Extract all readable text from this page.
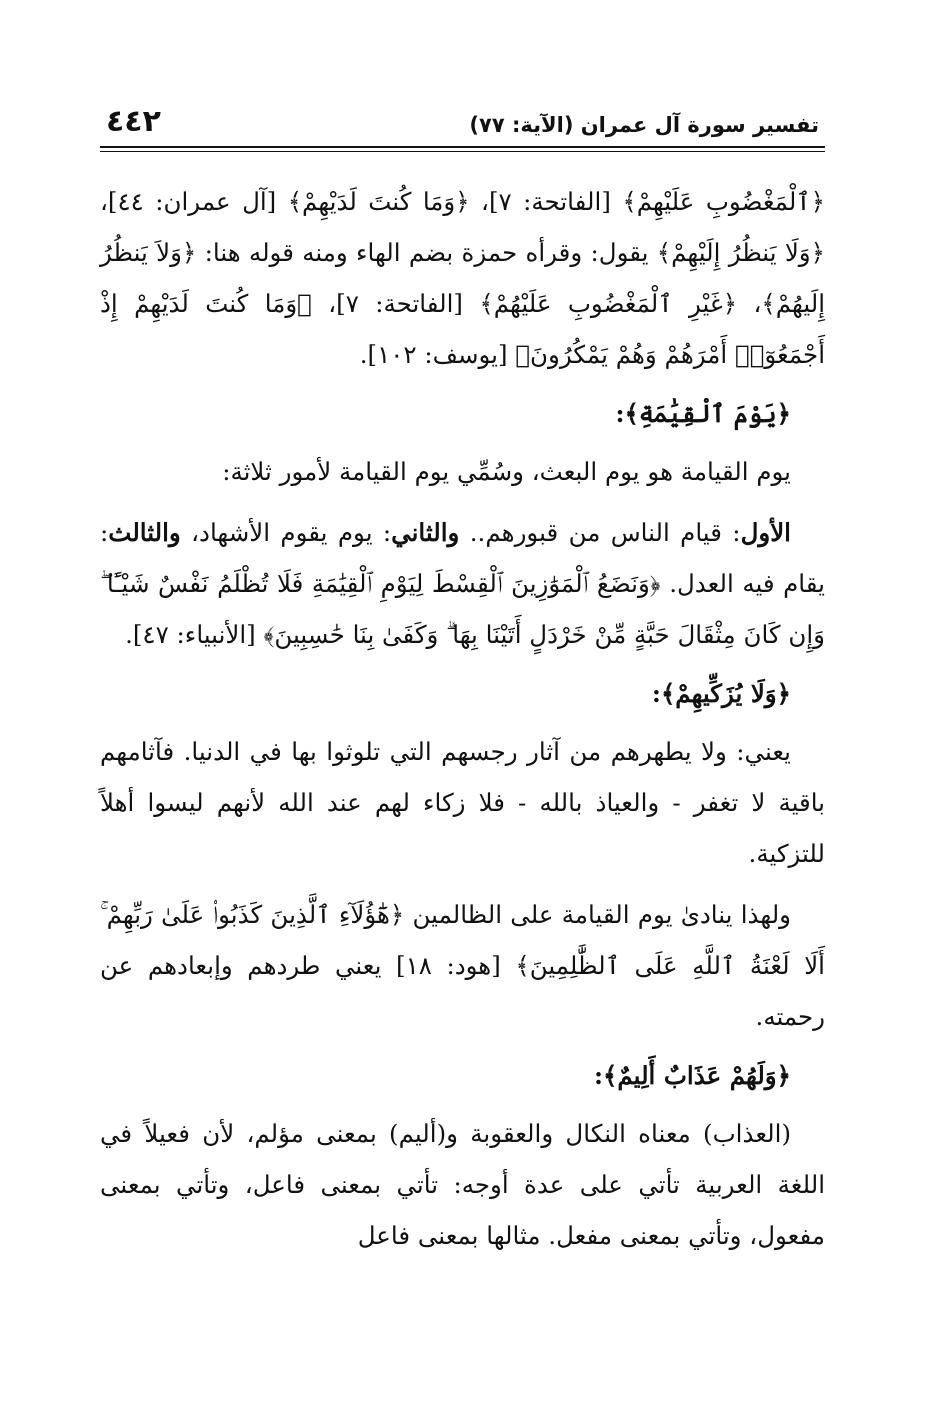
تفسير سورة آل عمران (الآية: ٧٧)
٤٤٢

﴿ٱلْمَغْضُوبِ عَلَيْهِمْ﴾ [الفاتحة: ٧]، ﴿وَمَا كُنتَ لَدَيْهِمْ﴾ [آل عمران: ٤٤]، ﴿وَلَا يَنظُرُ إِلَيْهِمْ﴾ يقول: وقرأه حمزة بضم الهاء ومنه قوله هنا: ﴿وَلاَ يَنظُرُ إِلَيهُمْ﴾، ﴿غَيْرِ ٱلْمَغْضُوبِ عَلَيْهُمْ﴾ [الفاتحة: ٧]، ﴿وَمَا كُنتَ لَدَيْهِمْ إِذْ أَجْمَعُوٓا۟ أَمْرَهُمْ وَهُمْ يَمْكُرُونَ﴾ [يوسف: ١٠٢].

﴿يَوْمَ ٱلْقِيَٰمَةِ﴾:

يوم القيامة هو يوم البعث، وسُمِّي يوم القيامة لأمور ثلاثة:

الأول: قيام الناس من قبورهم.. والثاني: يوم يقوم الأشهاد، والثالث: يقام فيه العدل. ﴿وَنَضَعُ ٱلْمَوَٰزِينَ ٱلْقِسْطَ لِيَوْمِ ٱلْقِيَٰمَةِ فَلَا تُظْلَمُ نَفْسٌ شَيْـًٔا ۖ وَإِن كَانَ مِثْقَالَ حَبَّةٍ مِّنْ خَرْدَلٍ أَتَيْنَا بِهَا ۗ وَكَفَىٰ بِنَا حَٰسِبِينَ﴾ [الأنبياء: ٤٧].

﴿وَلَا يُزَكِّيهِمْ﴾:

يعني: ولا يطهرهم من آثار رجسهم التي تلوثوا بها في الدنيا. فآثامهم باقية لا تغفر - والعياذ بالله - فلا زكاء لهم عند الله لأنهم ليسوا أهلاً للتزكية.

ولهذا ينادىٰ يوم القيامة على الظالمين ﴿هَٰٓؤُلَآءِ ٱلَّذِينَ كَذَبُوا۟ عَلَىٰ رَبِّهِمْ ۚ أَلَا لَعْنَةُ ٱللَّهِ عَلَى ٱلظَّٰلِمِينَ﴾ [هود: ١٨] يعني طردهم وإبعادهم عن رحمته.

﴿وَلَهُمْ عَذَابٌ أَلِيمٌ﴾:

(العذاب) معناه النكال والعقوبة و(أليم) بمعنى مؤلم، لأن فعيلاً في اللغة العربية تأتي على عدة أوجه: تأتي بمعنى فاعل، وتأتي بمعنى مفعول، وتأتي بمعنى مفعل. مثالها بمعنى فاعل
